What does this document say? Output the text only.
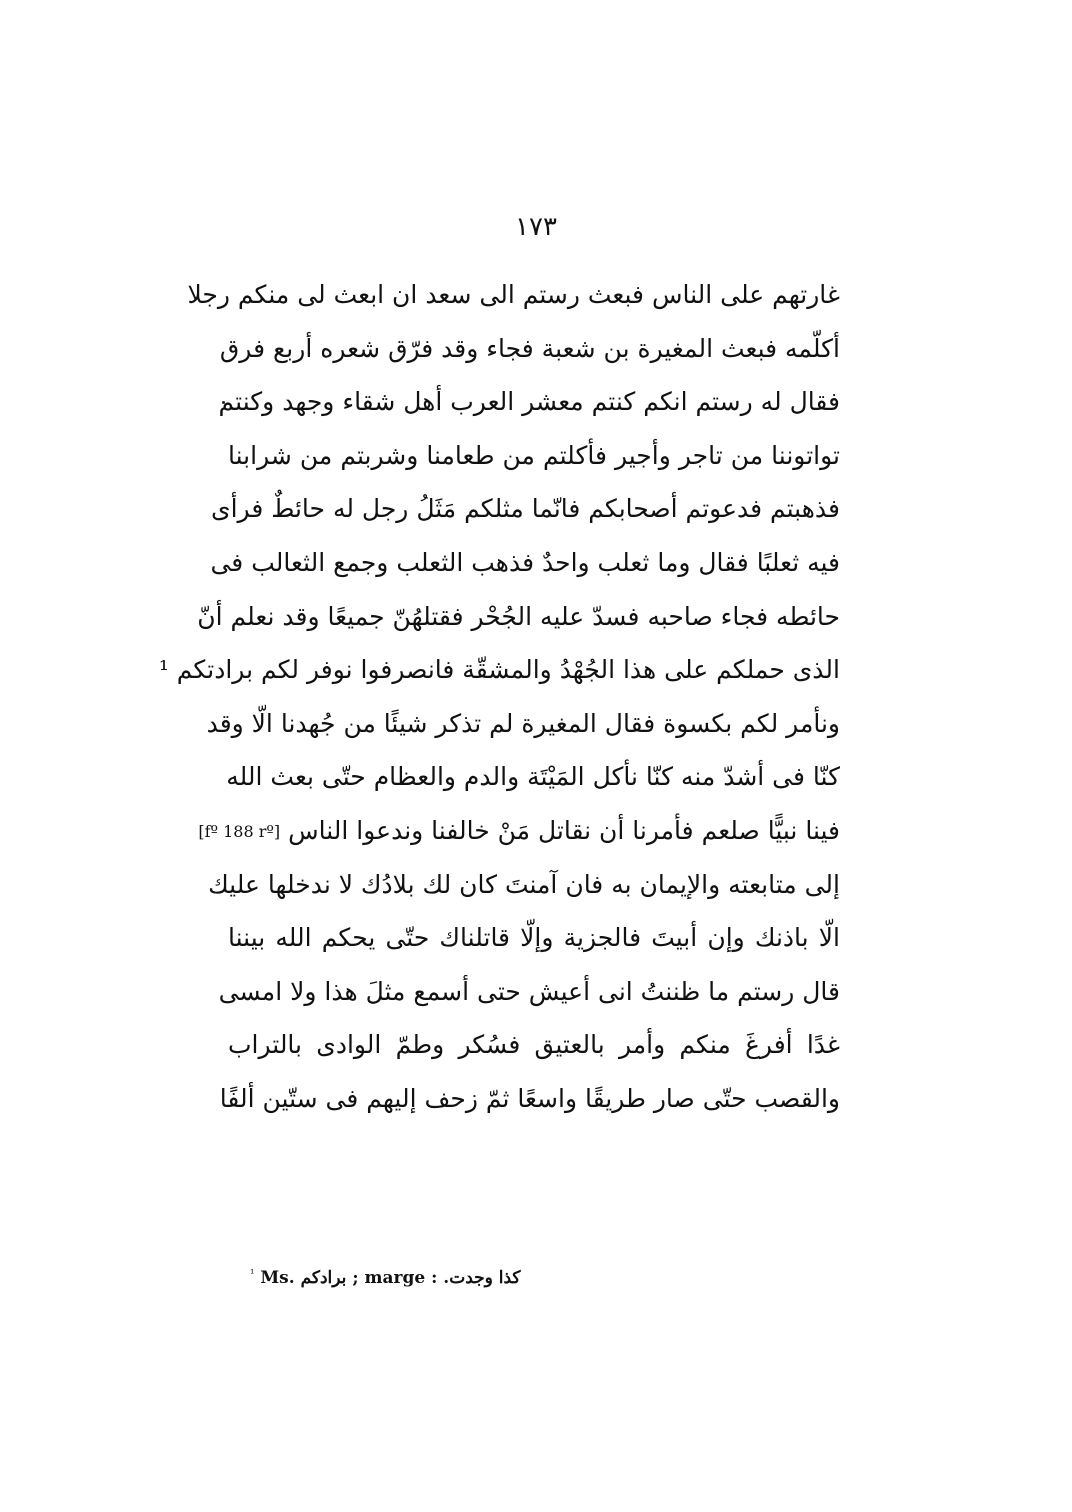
١٧٣
غارتهم على الناس فبعث رستم الى سعد ان ابعث لى منكم رجلا
أكلّمه فبعث المغيرة بن شعبة فجاء وقد فرّق شعره أربع فرق
فقال له رستم انكم كنتم معشر العرب أهل شقاء وجهد وكنتم
تواتوننا من تاجر وأجير فأكلتم من طعامنا وشربتم من شرابنا
فذهبتم فدعوتم أصحابكم فانّما مثلكم مَثَلُ رجل له حائطٌ فرأى
فيه ثعلبًا فقال وما ثعلب واحدٌ فذهب الثعلب وجمع الثعالب فى
حائطه فجاء صاحبه فسدّ عليه الجُحْر فقتلهُنّ جميعًا وقد نعلم أنّ
الذى حملكم على هذا الجُهْدُ والمشقّة فانصرفوا نوفر لكم برادتكم ¹
ونأمر لكم بكسوة فقال المغيرة لم تذكر شيئًا من جُهدنا الّا وقد
كنّا فى أشدّ منه كنّا نأكل المَيْتَة والدم والعظام حتّى بعث الله
فينا نبيًّا صلعم فأمرنا أن نقاتل مَنْ خالفنا وندعوا الناس [fº 188 rº]
إلى متابعته والإيمان به فان آمنتَ كان لك بلادُك لا ندخلها عليك
الّا باذنك وإن أبيتَ فالجزية وإلّا قاتلناك حتّى يحكم الله بيننا
قال رستم ما ظننتُ انى أعيش حتى أسمع مثلَ هذا ولا امسى
غدًا أفرغَ منكم وأمر بالعتيق فسُكر وطمّ الوادى بالتراب
والقصب حتّى صار طريقًا واسعًا ثمّ زحف إليهم فى ستّين ألفًا
$^{^1}$ Ms. برادكم ; marge : كذا وجدت.
